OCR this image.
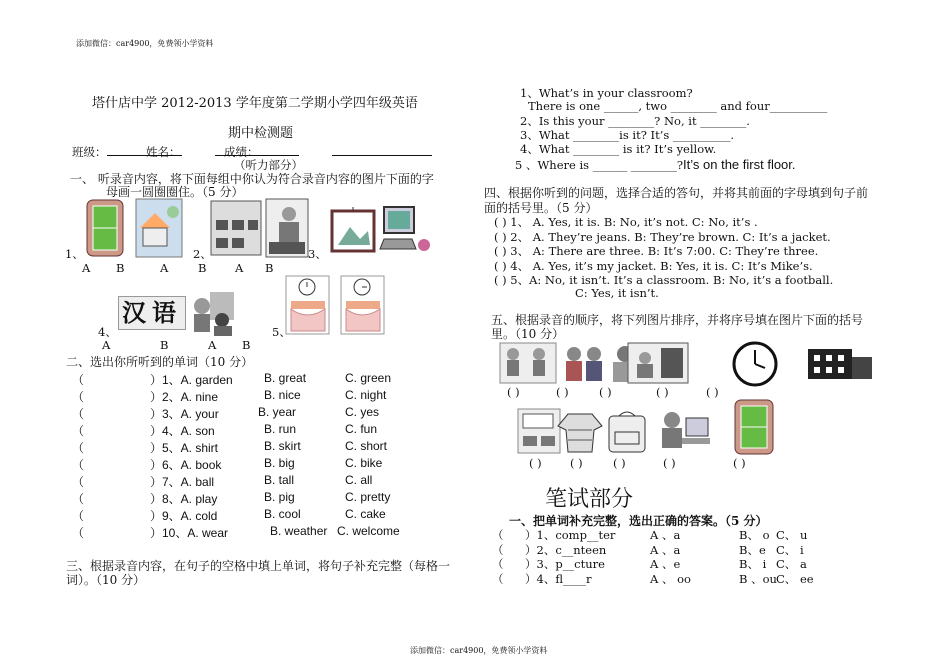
添加微信：car4900，免费领小学资料
添加微信：car4900，免费领小学资料
塔什店中学 2012-2013 学年度第二学期小学四年级英语
期中检测题
班级：	姓名：	成绩：
（听力部分）
一、 听录音内容，将下面每组中你认为符合录音内容的图片下面的字
母画一圆圈圈住。（5 分）
1、	2、	3、
A B	A	B A B
汉语
4、	5、
A	B	A B
二、选出你所听到的单词（10 分）
（	）1、A. garden	B. great	C. green
（	）2、A. nine	B. nice	C. night
（	）3、A. your	B. year	C. yes
（	）4、A. son	B. run	C. fun
（	）5、A. shirt	B. skirt	C. short
（	）6、A. book	B. big	C. bike
（	）7、A. ball	B. tall	C. all
（	）8、A. play	B. pig	C. pretty
（	）9、A. cold	B. cool	C. cake
（	）10、A. wear	B. weather C. welcome
三、根据录音内容，在句子的空格中填上单词，将句子补充完整（每格一
词）。（10 分）
1、What’s in your classroom?
There is one ______, two ________ and four__________
2、Is this your ________? No, it ________.
3、What ________is it? It’s __________.
4、What ________ is it? It’s yellow.
5 、Where is ______ ________?It’s on the first floor.
四、根据你听到的问题，选择合适的答句，并将其前面的字母填到句子前
面的括号里。（5 分）
( ) 1、 A. Yes, it is. B: No, it’s not. C: No, it’s .
( ) 2、 A. They’re jeans. B: They’re brown. C: It’s a jacket.
( ) 3、 A: There are three. B: It’s 7:00. C: They’re three.
( ) 4、 A. Yes, it’s my jacket. B: Yes, it is. C: It’s Mike’s.
( ) 5、A: No, it isn’t. It’s a classroom. B: No, it’s a football.
C: Yes, it isn’t.
五、根据录音的顺序，将下列图片排序，并将序号填在图片下面的括号
里。（10 分）
( )	( )	( )	( )	( )
( ) ( )	( )	( )	( )
笔试部分
一、把单词补充完整，选出正确的答案。（5 分）
（ ）1、comp__ter	A 、a	B、 o C、 u
（ ）2、c__nteen	A 、a	B、e C、 i
（ ）3、p__cture	A 、e	B、 i C、 a
（ ）4、fl____r	A 、 oo	B 、ou C、 ee
